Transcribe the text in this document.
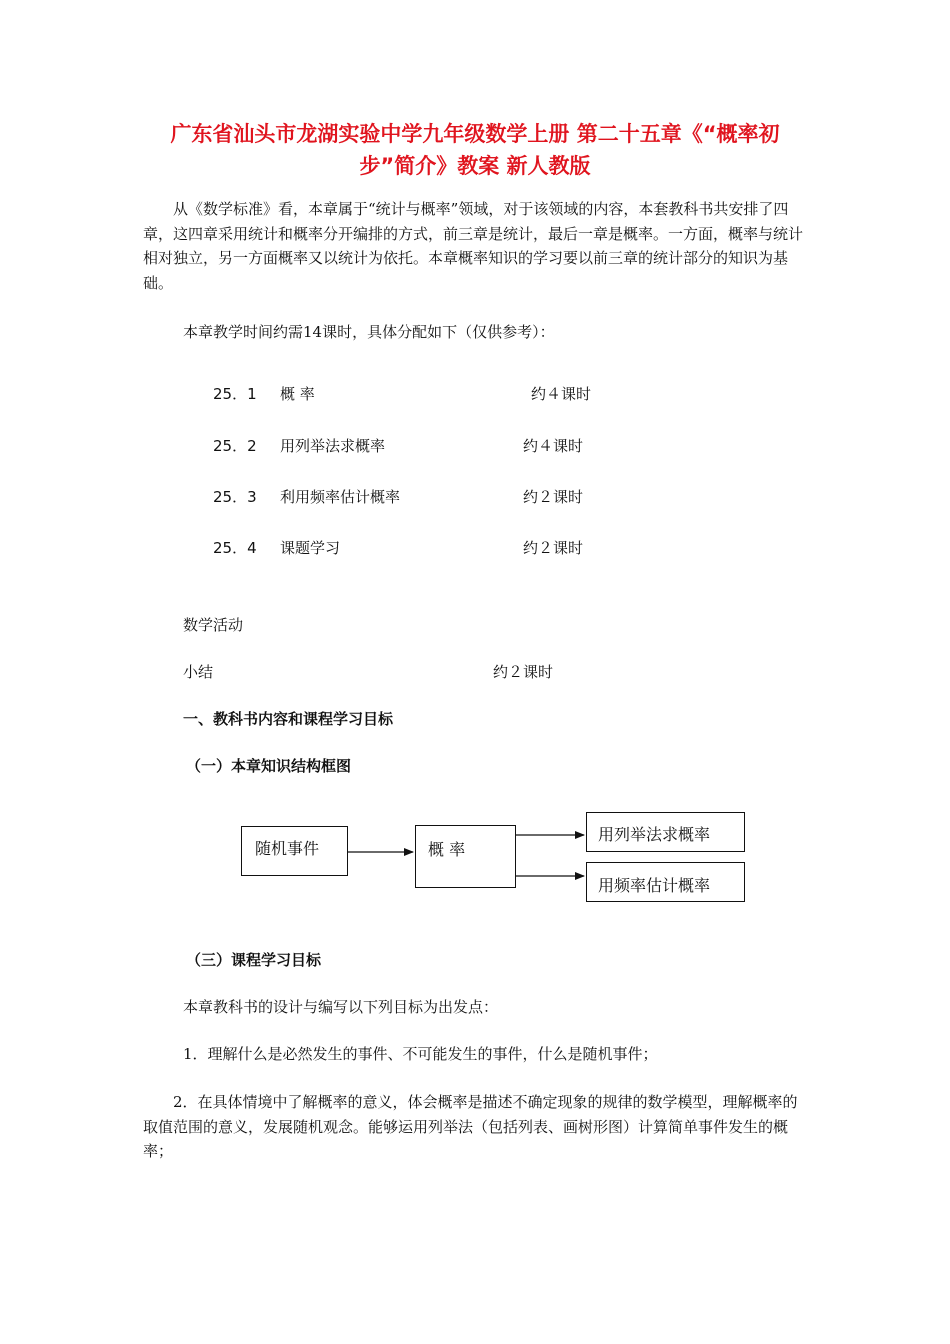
广东省汕头市龙湖实验中学九年级数学上册 第二十五章《“概率初
步”简介》教案 新人教版
从《数学标准》看，本章属于“统计与概率”领域，对于该领域的内容，本套教科书共安排了四章，这四章采用统计和概率分开编排的方式，前三章是统计，最后一章是概率。一方面，概率与统计相对独立，另一方面概率又以统计为依托。本章概率知识的学习要以前三章的统计部分的知识为基础。
本章教学时间约需14课时，具体分配如下（仅供参考）：
25．1 概 率	约４课时
25．2 用列举法求概率	约４课时
25．3 利用频率估计概率	约２课时
25．4 课题学习	约２课时
数学活动
小结	约２课时
一、教科书内容和课程学习目标
（一）本章知识结构框图
随机事件	概 率
用列举法求概率
用频率估计概率
（三）课程学习目标
本章教科书的设计与编写以下列目标为出发点：
1．理解什么是必然发生的事件、不可能发生的事件，什么是随机事件；
2．在具体情境中了解概率的意义，体会概率是描述不确定现象的规律的数学模型，理解概率的取值范围的意义，发展随机观念。能够运用列举法（包括列表、画树形图）计算简单事件发生的概率；
